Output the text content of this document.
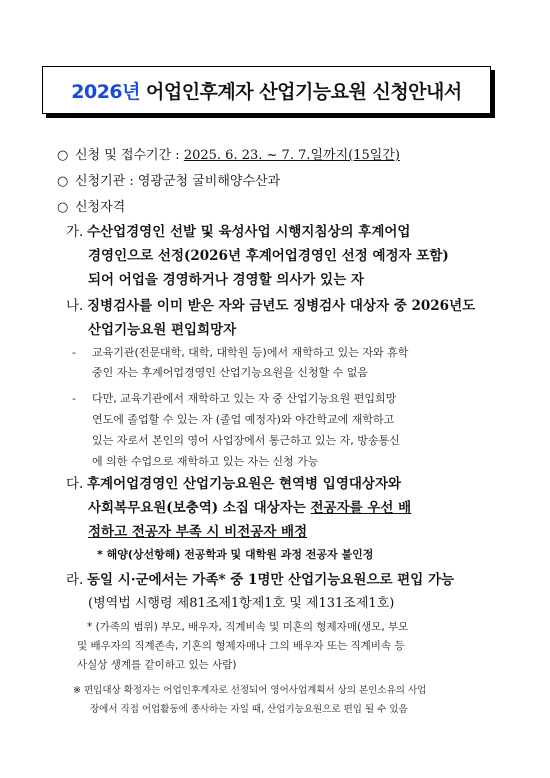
2026년 어업인후계자 산업기능요원 신청안내서
○ 신청 및 접수기간 : 2025. 6. 23. ~ 7. 7.일까지(15일간)
○ 신청기관 : 영광군청 굴비해양수산과
○ 신청자격
가. 수산업경영인 선발 및 육성사업 시행지침상의 후계어업
경영인으로 선정(2026년 후계어업경영인 선정 예정자 포함)
되어 어업을 경영하거나 경영할 의사가 있는 자
나. 징병검사를 이미 받은 자와 금년도 징병검사 대상자 중 2026년도
산업기능요원 편입희망자
- 교육기관(전문대학, 대학, 대학원 등)에서 재학하고 있는 자와 휴학
중인 자는 후계어업경영인 산업기능요원을 신청할 수 없음
- 다만, 교육기관에서 재학하고 있는 자 중 산업기능요원 편입희망
연도에 졸업할 수 있는 자 (졸업 예정자)와 야간학교에 재학하고
있는 자로서 본인의 영어 사업장에서 통근하고 있는 자, 방송통신
에 의한 수업으로 재학하고 있는 자는 신청 가능
다. 후계어업경영인 산업기능요원은 현역병 입영대상자와
사회복무요원(보충역) 소집 대상자는 전공자를 우선 배
정하고 전공자 부족 시 비전공자 배정
* 해양(상선항해) 전공학과 및 대학원 과정 전공자 불인정
라. 동일 시·군에서는 가족* 중 1명만 산업기능요원으로 편입 가능
(병역법 시행령 제81조제1항제1호 및 제131조제1호)
* (가족의 범위) 부모, 배우자, 직계비속 및 미혼의 형제자매(생모, 부모
및 배우자의 직계존속, 기혼의 형제자매나 그의 배우자 또는 직계비속 등
사실상 생계를 같이하고 있는 사람)
※ 편입대상 확정자는 어업인후계자로 선정되어 영어사업계획서 상의 본인소유의 사업
장에서 직접 어업활동에 종사하는 자일 때, 산업기능요원으로 편입 될 수 있음
